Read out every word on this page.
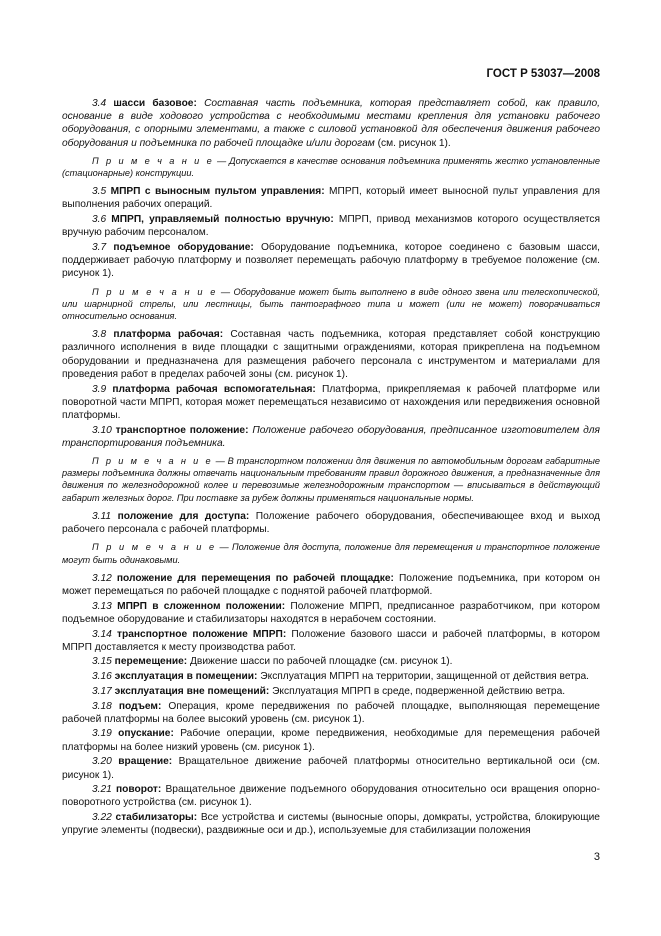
ГОСТ Р 53037—2008

3.4 шасси базовое: Составная часть подъемника, которая представляет собой, как правило, основание в виде ходового устройства с необходимыми местами крепления для установки рабочего оборудования, с опорными элементами, а также с силовой установкой для обеспечения движения рабочего оборудования и подъемника по рабочей площадке и/или дорогам (см. рисунок 1).

П р и м е ч а н и е — Допускается в качестве основания подъемника применять жестко установленные (стационарные) конструкции.

3.5 МПРП с выносным пультом управления: МПРП, который имеет выносной пульт управления для выполнения рабочих операций.

3.6 МПРП, управляемый полностью вручную: МПРП, привод механизмов которого осуществляется вручную рабочим персоналом.

3.7 подъемное оборудование: Оборудование подъемника, которое соединено с базовым шасси, поддерживает рабочую платформу и позволяет перемещать рабочую платформу в требуемое положение (см. рисунок 1).

П р и м е ч а н и е — Оборудование может быть выполнено в виде одного звена или телескопической, или шарнирной стрелы, или лестницы, быть пантографного типа и может (или не может) поворачиваться относительно основания.

3.8 платформа рабочая: Составная часть подъемника, которая представляет собой конструкцию различного исполнения в виде площадки с защитными ограждениями, которая прикреплена на подъемном оборудовании и предназначена для размещения рабочего персонала с инструментом и материалами для проведения работ в пределах рабочей зоны (см. рисунок 1).

3.9 платформа рабочая вспомогательная: Платформа, прикрепляемая к рабочей платформе или поворотной части МПРП, которая может перемещаться независимо от нахождения или передвижения основной платформы.

3.10 транспортное положение: Положение рабочего оборудования, предписанное изготовителем для транспортирования подъемника.

П р и м е ч а н и е — В транспортном положении для движения по автомобильным дорогам габаритные размеры подъемника должны отвечать национальным требованиям правил дорожного движения, а предназначенные для движения по железнодорожной колее и перевозимые железнодорожным транспортом — вписываться в действующий габарит железных дорог. При поставке за рубеж должны применяться национальные нормы.

3.11 положение для доступа: Положение рабочего оборудования, обеспечивающее вход и выход рабочего персонала с рабочей платформы.

П р и м е ч а н и е — Положение для доступа, положение для перемещения и транспортное положение могут быть одинаковыми.

3.12 положение для перемещения по рабочей площадке: Положение подъемника, при котором он может перемещаться по рабочей площадке с поднятой рабочей платформой.

3.13 МПРП в сложенном положении: Положение МПРП, предписанное разработчиком, при котором подъемное оборудование и стабилизаторы находятся в нерабочем состоянии.

3.14 транспортное положение МПРП: Положение базового шасси и рабочей платформы, в котором МПРП доставляется к месту производства работ.

3.15 перемещение: Движение шасси по рабочей площадке (см. рисунок 1).

3.16 эксплуатация в помещении: Эксплуатация МПРП на территории, защищенной от действия ветра.

3.17 эксплуатация вне помещений: Эксплуатация МПРП в среде, подверженной действию ветра.

3.18 подъем: Операция, кроме передвижения по рабочей площадке, выполняющая перемещение рабочей платформы на более высокий уровень (см. рисунок 1).

3.19 опускание: Рабочие операции, кроме передвижения, необходимые для перемещения рабочей платформы на более низкий уровень (см. рисунок 1).

3.20 вращение: Вращательное движение рабочей платформы относительно вертикальной оси (см. рисунок 1).

3.21 поворот: Вращательное движение подъемного оборудования относительно оси вращения опорно-поворотного устройства (см. рисунок 1).

3.22 стабилизаторы: Все устройства и системы (выносные опоры, домкраты, устройства, блокирующие упругие элементы (подвески), раздвижные оси и др.), используемые для стабилизации положения

3
